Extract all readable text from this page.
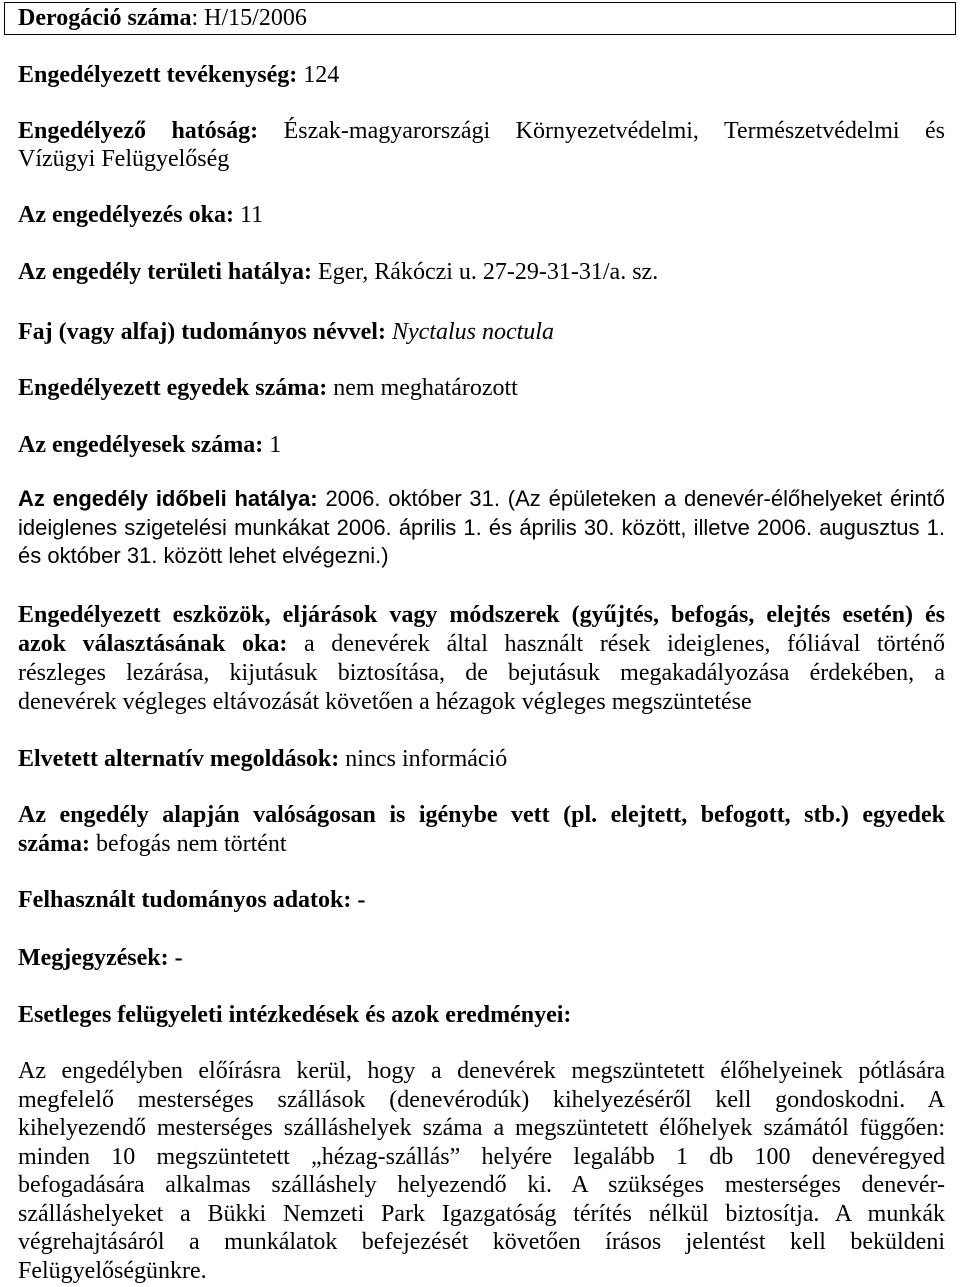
Derogáció száma: H/15/2006
Engedélyezett tevékenység: 124
Engedélyező hatóság: Észak-magyarországi Környezetvédelmi, Természetvédelmi és
Vízügyi Felügyelőség
Az engedélyezés oka: 11
Az engedély területi hatálya: Eger, Rákóczi u. 27-29-31-31/a. sz.
Faj (vagy alfaj) tudományos névvel: Nyctalus noctula
Engedélyezett egyedek száma: nem meghatározott
Az engedélyesek száma: 1
Az engedély időbeli hatálya: 2006. október 31. (Az épületeken a denevér-élőhelyeket érintő
ideiglenes szigetelési munkákat 2006. április 1. és április 30. között, illetve 2006. augusztus 1.
és október 31. között lehet elvégezni.)
Engedélyezett eszközök, eljárások vagy módszerek (gyűjtés, befogás, elejtés esetén) és
azok választásának oka: a denevérek által használt rések ideiglenes, fóliával történő
részleges lezárása, kijutásuk biztosítása, de bejutásuk megakadályozása érdekében, a
denevérek végleges eltávozását követően a hézagok végleges megszüntetése
Elvetett alternatív megoldások: nincs információ
Az engedély alapján valóságosan is igénybe vett (pl. elejtett, befogott, stb.) egyedek
száma: befogás nem történt
Felhasznált tudományos adatok: -
Megjegyzések: -
Esetleges felügyeleti intézkedések és azok eredményei:
Az engedélyben előírásra kerül, hogy a denevérek megszüntetett élőhelyeinek pótlására
megfelelő mesterséges szállások (denevérodúk) kihelyezéséről kell gondoskodni. A
kihelyezendő mesterséges szálláshelyek száma a megszüntetett élőhelyek számától függően:
minden 10 megszüntetett „hézag-szállás” helyére legalább 1 db 100 denevéregyed
befogadására alkalmas szálláshely helyezendő ki. A szükséges mesterséges denevér-
szálláshelyeket a Bükki Nemzeti Park Igazgatóság térítés nélkül biztosítja. A munkák
végrehajtásáról a munkálatok befejezését követően írásos jelentést kell beküldeni
Felügyelőségünkre.
